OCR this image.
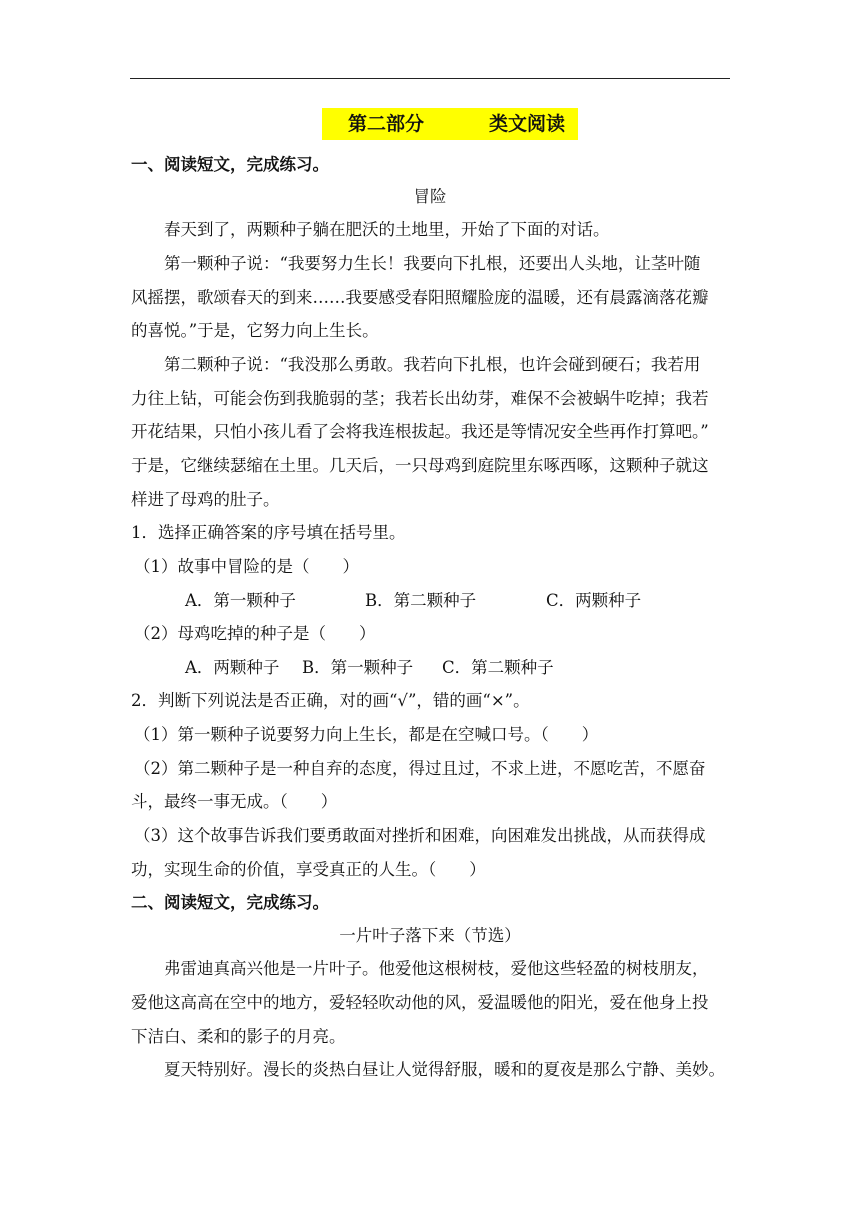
第二部分	类文阅读
一、阅读短文，完成练习。
冒险
春天到了，两颗种子躺在肥沃的土地里，开始了下面的对话。
第一颗种子说：“我要努力生长！我要向下扎根，还要出人头地，让茎叶随
风摇摆，歌颂春天的到来……我要感受春阳照耀脸庞的温暖，还有晨露滴落花瓣
的喜悦。”于是，它努力向上生长。
第二颗种子说：“我没那么勇敢。我若向下扎根，也许会碰到硬石；我若用
力往上钻，可能会伤到我脆弱的茎；我若长出幼芽，难保不会被蜗牛吃掉；我若
开花结果，只怕小孩儿看了会将我连根拔起。我还是等情况安全些再作打算吧。”
于是，它继续瑟缩在土里。几天后，一只母鸡到庭院里东啄西啄，这颗种子就这
样进了母鸡的肚子。
1．选择正确答案的序号填在括号里。
（1）故事中冒险的是（　　）
A．第一颗种子	B．第二颗种子	C．两颗种子
（2）母鸡吃掉的种子是（　　）
A．两颗种子 B．第一颗种子 C．第二颗种子
2．判断下列说法是否正确，对的画“√”，错的画“×”。
（1）第一颗种子说要努力向上生长，都是在空喊口号。（　　）
（2）第二颗种子是一种自弃的态度，得过且过，不求上进，不愿吃苦，不愿奋
斗，最终一事无成。（　　）
（3）这个故事告诉我们要勇敢面对挫折和困难，向困难发出挑战，从而获得成
功，实现生命的价值，享受真正的人生。（　　）
二、阅读短文，完成练习。
一片叶子落下来（节选）
弗雷迪真高兴他是一片叶子。他爱他这根树枝，爱他这些轻盈的树枝朋友，
爱他这高高在空中的地方，爱轻轻吹动他的风，爱温暖他的阳光，爱在他身上投
下洁白、柔和的影子的月亮。
夏天特别好。漫长的炎热白昼让人觉得舒服，暖和的夏夜是那么宁静、美妙。
